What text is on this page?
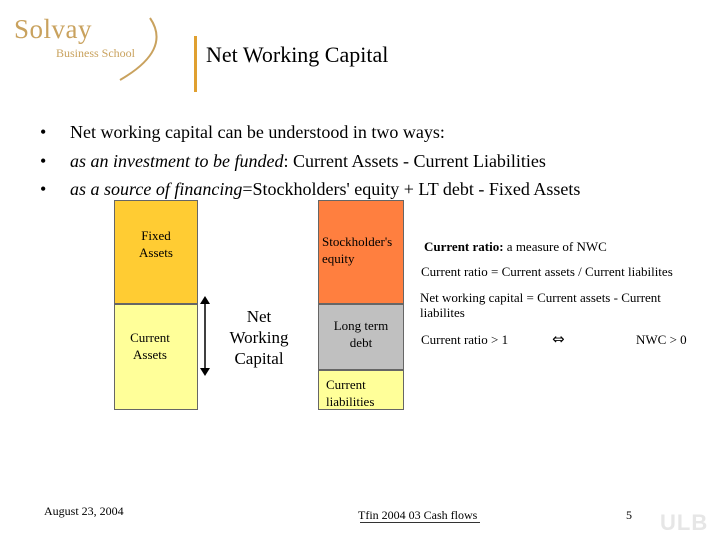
Solvay
Business School	Net Working Capital
• Net working capital can be understood in two ways:
• as an investment to be funded: Current Assets - Current Liabilities
• as a source of financing=Stockholders' equity + LT debt - Fixed Assets
Fixed Assets
Current Assets
Net Working Capital
Stockholder's equity
Long term debt
Current liabilities
Current ratio: a measure of NWC
Current ratio = Current assets / Current liabilites
Net working capital = Current assets - Current liabilites
Current ratio > 1	⇔	NWC > 0
August 23, 2004	Tfin 2004 03 Cash flows	5 ULB
